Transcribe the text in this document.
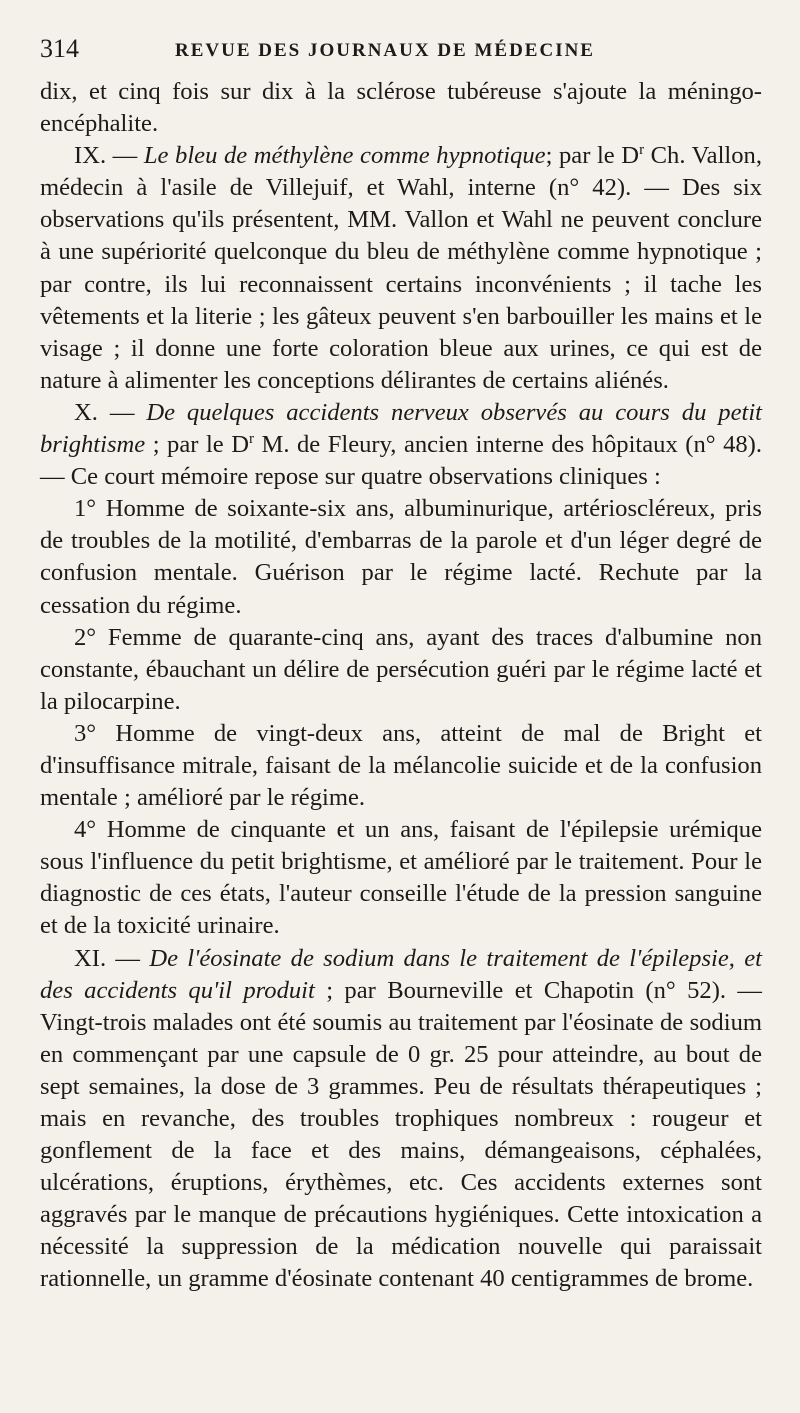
314	REVUE DES JOURNAUX DE MÉDECINE

dix, et cinq fois sur dix à la sclérose tubéreuse s'ajoute la méningo-encéphalite.

IX. — Le bleu de méthylène comme hypnotique; par le $D^r$ Ch. Vallon, médecin à l'asile de Villejuif, et Wahl, interne (n° 42). — Des six observations qu'ils présentent, MM. Vallon et Wahl ne peuvent conclure à une supériorité quelconque du bleu de méthylène comme hypnotique ; par contre, ils lui reconnaissent certains inconvénients ; il tache les vêtements et la literie ; les gâteux peuvent s'en barbouiller les mains et le visage ; il donne une forte coloration bleue aux urines, ce qui est de nature à alimenter les conceptions délirantes de certains aliénés.

X. — De quelques accidents nerveux observés au cours du petit brightisme ; par le $D^r$ M. de Fleury, ancien interne des hôpitaux (n° 48). — Ce court mémoire repose sur quatre observations cliniques :

1° Homme de soixante-six ans, albuminurique, artérioscléreux, pris de troubles de la motilité, d'embarras de la parole et d'un léger degré de confusion mentale. Guérison par le régime lacté. Rechute par la cessation du régime.

2° Femme de quarante-cinq ans, ayant des traces d'albumine non constante, ébauchant un délire de persécution guéri par le régime lacté et la pilocarpine.

3° Homme de vingt-deux ans, atteint de mal de Bright et d'insuffisance mitrale, faisant de la mélancolie suicide et de la confusion mentale ; amélioré par le régime.

4° Homme de cinquante et un ans, faisant de l'épilepsie urémique sous l'influence du petit brightisme, et amélioré par le traitement. Pour le diagnostic de ces états, l'auteur conseille l'étude de la pression sanguine et de la toxicité urinaire.

XI. — De l'éosinate de sodium dans le traitement de l'épilepsie, et des accidents qu'il produit ; par Bourneville et Chapotin (n° 52). — Vingt-trois malades ont été soumis au traitement par l'éosinate de sodium en commençant par une capsule de 0 gr. 25 pour atteindre, au bout de sept semaines, la dose de 3 grammes. Peu de résultats thérapeutiques ; mais en revanche, des troubles trophiques nombreux : rougeur et gonflement de la face et des mains, démangeaisons, céphalées, ulcérations, éruptions, érythèmes, etc. Ces accidents externes sont aggravés par le manque de précautions hygiéniques. Cette intoxication a nécessité la suppression de la médication nouvelle qui paraissait rationnelle, un gramme d'éosinate contenant 40 centigrammes de brome.
